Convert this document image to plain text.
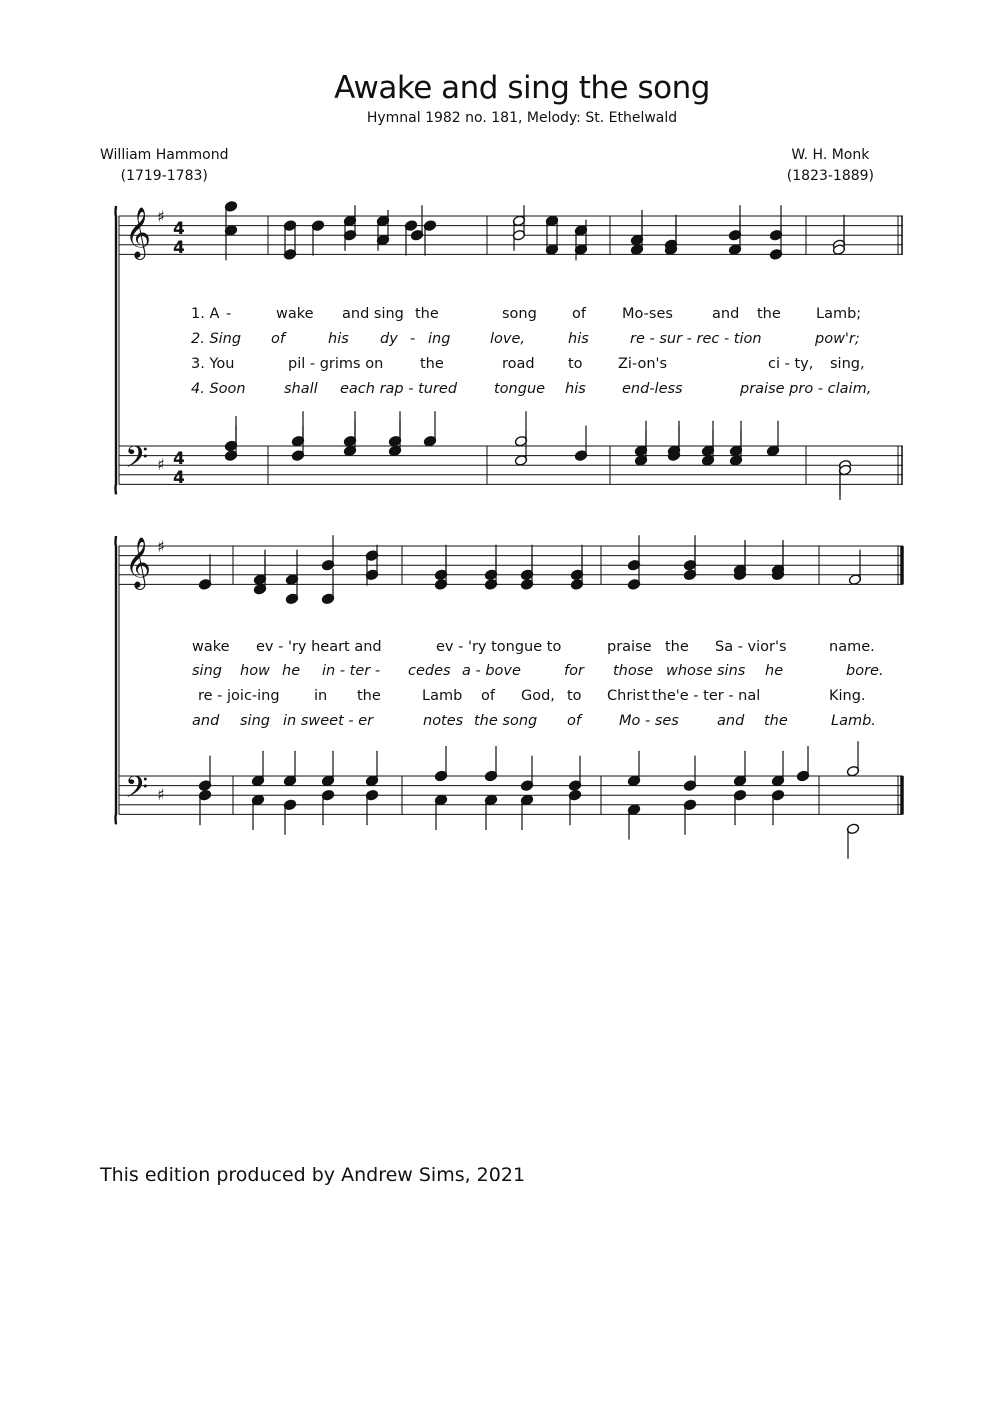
Awake and sing the song
Hymnal 1982 no. 181, Melody: St. Ethelwald
William Hammond
(1719-1783)
W. H. Monk
(1823-1889)
𝄞
𝄢
♯
♯
4
4
4
4
𝄞
𝄢
♯
♯
1. A -	wake and sing the	song of Mo-ses	and the Lamb;
2. Sing of	his dy - ing	love,	his	re - sur - rec - tion	pow'r;
3. You	pil - grims on	the	road to Zi-on's	ci - ty, sing,
4. Soon	shall each rap - tured	tongue his end-less	praise pro - claim,
wake ev - 'ry heart and	ev - 'ry tongue to	praise the Sa - vior's	name.
sing how he in - ter - cedes a - bove	for those whose sins he	bore.
re - joic-ing in the	Lamb of God, to Christ the'e - ter - nal	King.
and sing in sweet - er	notes the song of	Mo - ses	and the	Lamb.
This edition produced by Andrew Sims, 2021
